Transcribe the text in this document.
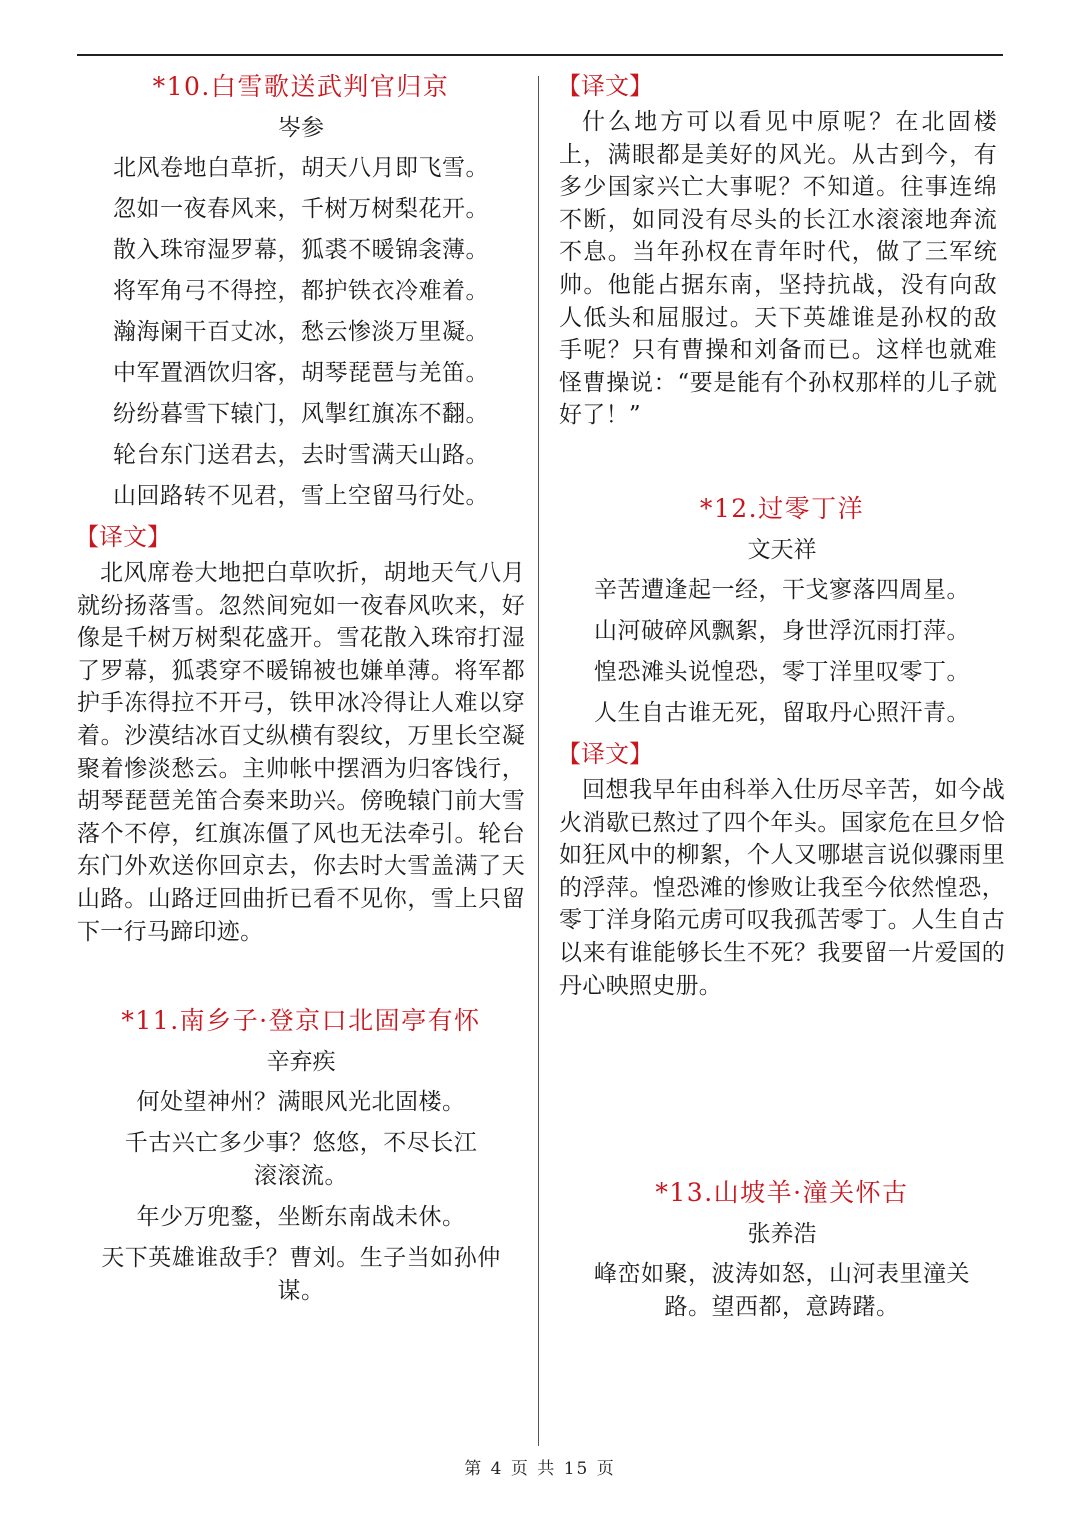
*10.白雪歌送武判官归京
岑参
北风卷地白草折，胡天八月即飞雪。
忽如一夜春风来，千树万树梨花开。
散入珠帘湿罗幕，狐裘不暖锦衾薄。
将军角弓不得控，都护铁衣冷难着。
瀚海阑干百丈冰，愁云惨淡万里凝。
中军置酒饮归客，胡琴琵琶与羌笛。
纷纷暮雪下辕门，风掣红旗冻不翻。
轮台东门送君去，去时雪满天山路。
山回路转不见君，雪上空留马行处。
【译文】

北风席卷大地把白草吹折，胡地天气八月就纷扬落雪。忽然间宛如一夜春风吹来，好像是千树万树梨花盛开。雪花散入珠帘打湿了罗幕，狐裘穿不暖锦被也嫌单薄。将军都护手冻得拉不开弓，铁甲冰冷得让人难以穿着。沙漠结冰百丈纵横有裂纹，万里长空凝聚着惨淡愁云。主帅帐中摆酒为归客饯行，胡琴琵琶羌笛合奏来助兴。傍晚辕门前大雪落个不停，红旗冻僵了风也无法牵引。轮台东门外欢送你回京去，你去时大雪盖满了天山路。山路迂回曲折已看不见你，雪上只留下一行马蹄印迹。

*11.南乡子·登京口北固亭有怀
辛弃疾
何处望神州？满眼风光北固楼。
千古兴亡多少事？悠悠，不尽长江滚滚流。
年少万兜鍪，坐断东南战未休。
天下英雄谁敌手？曹刘。生子当如孙仲谋。
【译文】

什么地方可以看见中原呢？在北固楼上，满眼都是美好的风光。从古到今，有多少国家兴亡大事呢？不知道。往事连绵不断，如同没有尽头的长江水滚滚地奔流不息。当年孙权在青年时代，做了三军统帅。他能占据东南，坚持抗战，没有向敌人低头和屈服过。天下英雄谁是孙权的敌手呢？只有曹操和刘备而已。这样也就难怪曹操说：“要是能有个孙权那样的儿子就好了！”

*12.过零丁洋
文天祥
辛苦遭逢起一经，干戈寥落四周星。
山河破碎风飘絮，身世浮沉雨打萍。
惶恐滩头说惶恐，零丁洋里叹零丁。
人生自古谁无死，留取丹心照汗青。
【译文】

回想我早年由科举入仕历尽辛苦，如今战火消歇已熬过了四个年头。国家危在旦夕恰如狂风中的柳絮，个人又哪堪言说似骤雨里的浮萍。惶恐滩的惨败让我至今依然惶恐，零丁洋身陷元虏可叹我孤苦零丁。人生自古以来有谁能够长生不死？我要留一片爱国的丹心映照史册。

*13.山坡羊·潼关怀古
张养浩
峰峦如聚，波涛如怒，山河表里潼关路。望西都，意踌躇。
第 4 页 共 15 页
